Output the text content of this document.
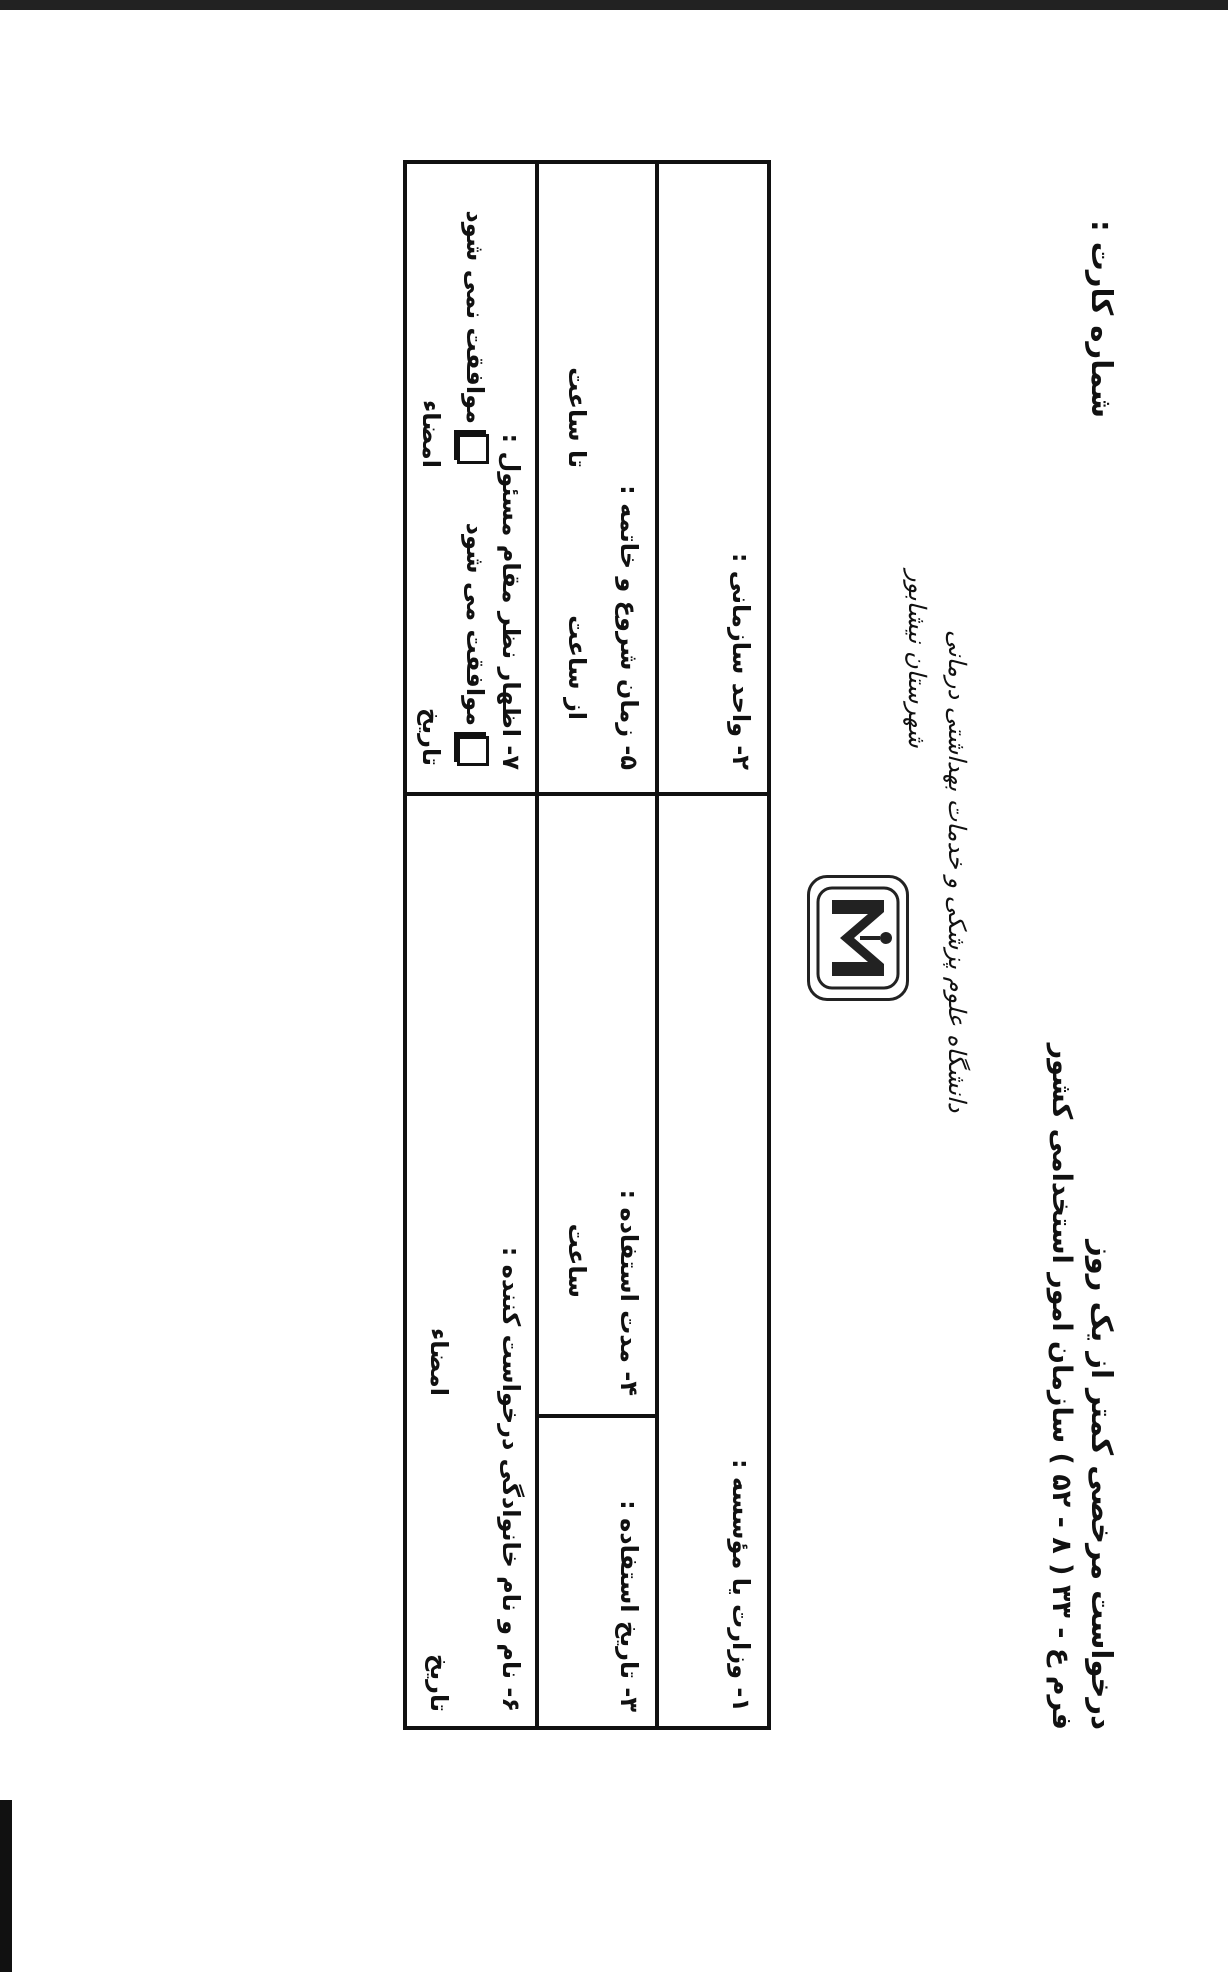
درخواست مرخصی کمتر از یک روز
فرم ع - ۳۳ ( ۸ - ۵۲ ) سازمان امور استخدامی کشور
شماره کارت :
دانشگاه علوم پزشکی و خدمات بهداشتی درمانی
شهرستان نیشابور
۱- وزارت یا مؤسسه :
۲- واحد سازمانی :
۳- تاریخ استفاده :
۴- مدت استفاده :
ساعت
۵- زمان شروع و خاتمه :
از ساعت
تا ساعت
۶- نام و نام خانوادگی درخواست کننده :
امضاء
تاریخ
۷- اظهار نظر مقام مسئول :
موافقت می شود
موافقت نمی شود
تاریخ
امضاء
